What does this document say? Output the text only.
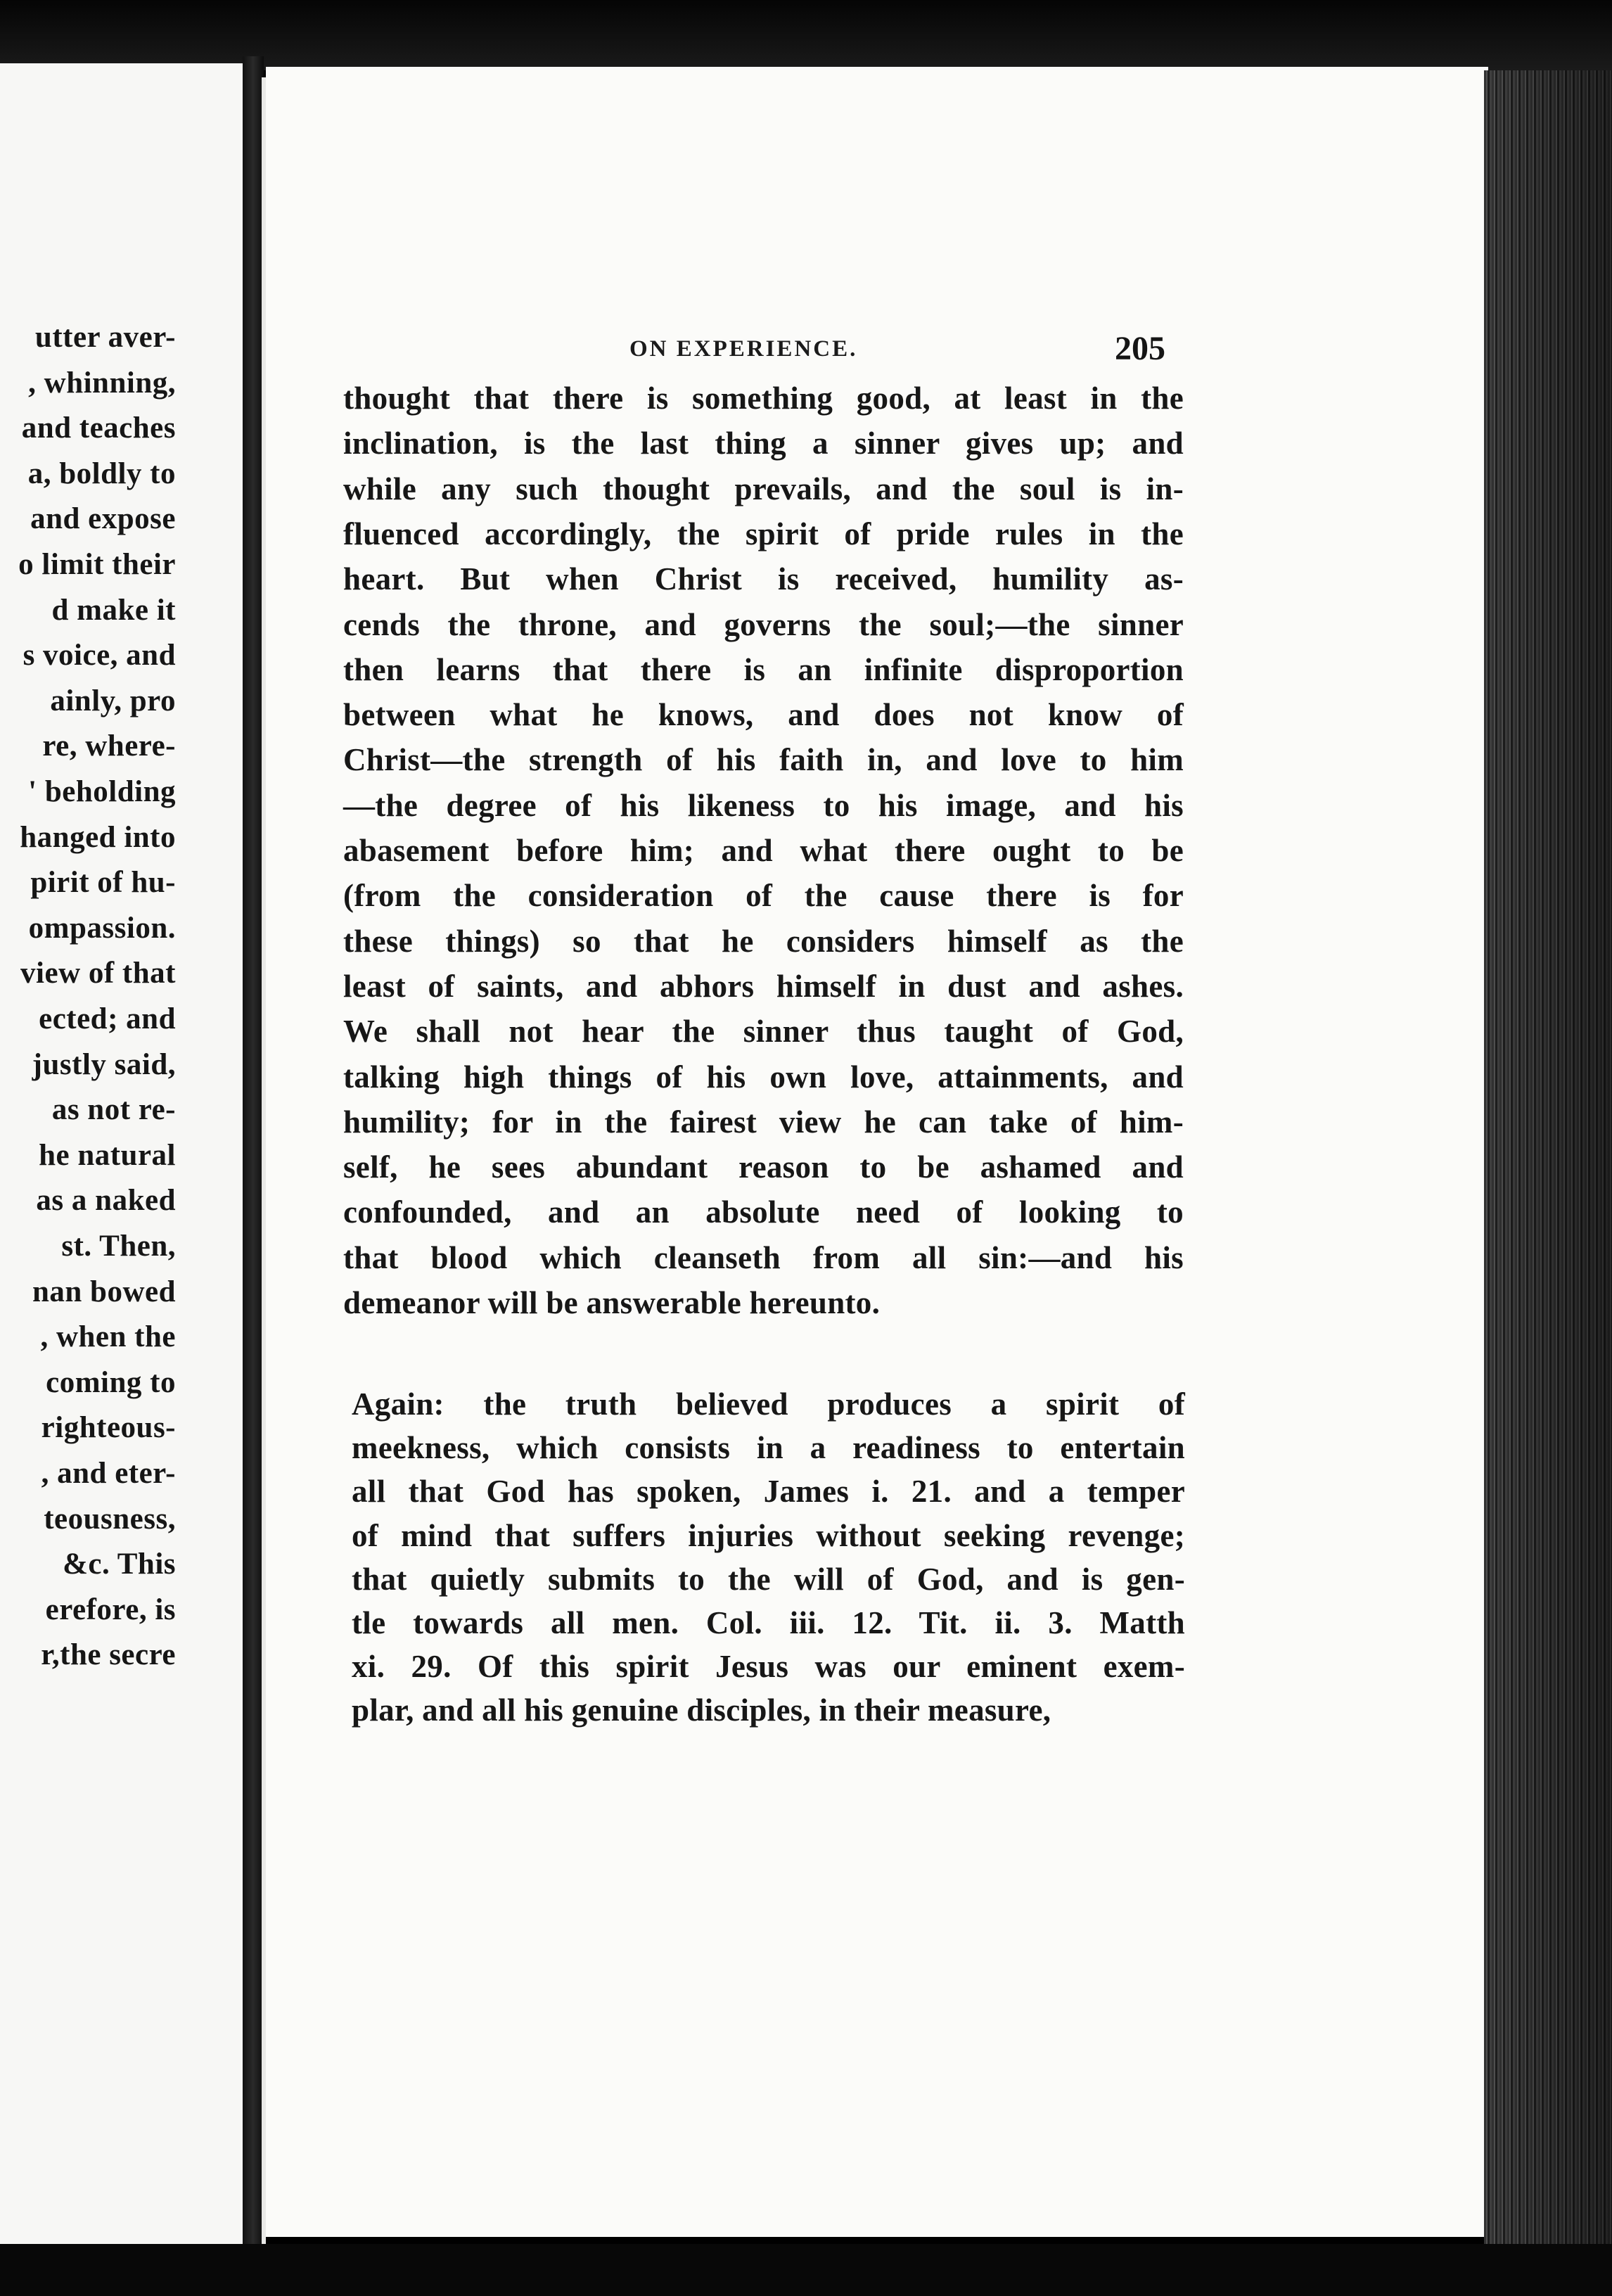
utter aver-
, whinning,
and teaches
a, boldly to
and expose
o limit their
d make it
s voice, and
ainly, pro
re, where-
' beholding
hanged into
pirit of hu-
ompassion.
view of that
ected; and
justly said,
as not re-
he natural
as a naked
st. Then,
nan bowed
, when the
coming to
righteous-
, and eter-
teousness,
&c. This
erefore, is
r,the secre
ON EXPERIENCE.	205
thought that there is something good, at least in the
inclination, is the last thing a sinner gives up; and
while any such thought prevails, and the soul is in-
fluenced accordingly, the spirit of pride rules in the
heart. But when Christ is received, humility as-
cends the throne, and governs the soul;—the sinner
then learns that there is an infinite disproportion
between what he knows, and does not know of
Christ—the strength of his faith in, and love to him
—the degree of his likeness to his image, and his
abasement before him; and what there ought to be
(from the consideration of the cause there is for
these things) so that he considers himself as the
least of saints, and abhors himself in dust and ashes.
We shall not hear the sinner thus taught of God,
talking high things of his own love, attainments, and
humility; for in the fairest view he can take of him-
self, he sees abundant reason to be ashamed and
confounded, and an absolute need of looking to
that blood which cleanseth from all sin:—and his
demeanor will be answerable hereunto.
Again: the truth believed produces a spirit of
meekness, which consists in a readiness to entertain
all that God has spoken, James i. 21. and a temper
of mind that suffers injuries without seeking revenge;
that quietly submits to the will of God, and is gen-
tle towards all men. Col. iii. 12. Tit. ii. 3. Matth
xi. 29. Of this spirit Jesus was our eminent exem-
plar, and all his genuine disciples, in their measure,
